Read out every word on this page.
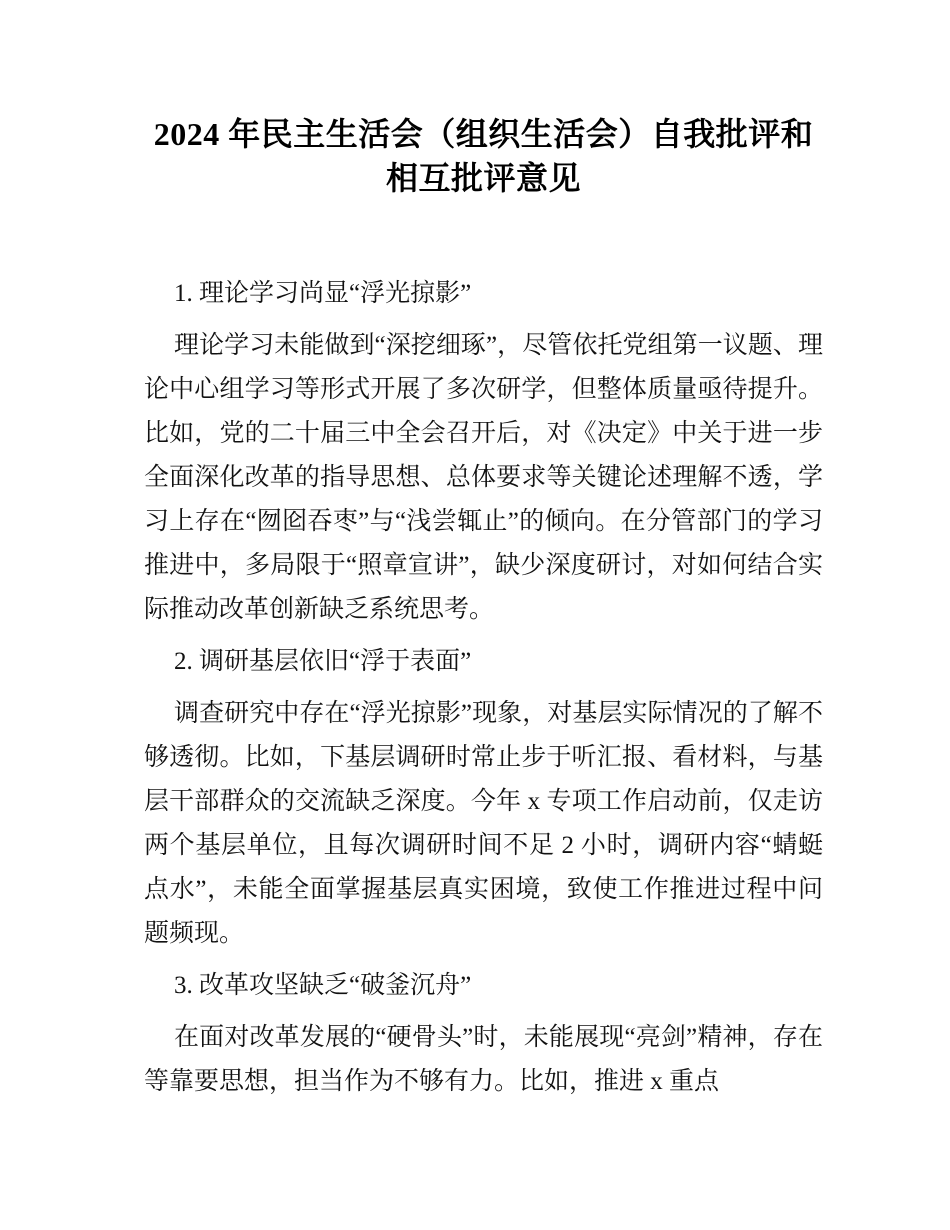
2024 年民主生活会（组织生活会）自我批评和相互批评意见
1. 理论学习尚显“浮光掠影”

理论学习未能做到“深挖细琢”，尽管依托党组第一议题、理论中心组学习等形式开展了多次研学，但整体质量亟待提升。比如，党的二十届三中全会召开后，对《决定》中关于进一步全面深化改革的指导思想、总体要求等关键论述理解不透，学习上存在“囫囵吞枣”与“浅尝辄止”的倾向。在分管部门的学习推进中，多局限于“照章宣讲”，缺少深度研讨，对如何结合实际推动改革创新缺乏系统思考。

2. 调研基层依旧“浮于表面”

调查研究中存在“浮光掠影”现象，对基层实际情况的了解不够透彻。比如，下基层调研时常止步于听汇报、看材料，与基层干部群众的交流缺乏深度。今年 x 专项工作启动前，仅走访两个基层单位，且每次调研时间不足 2 小时，调研内容“蜻蜓点水”，未能全面掌握基层真实困境，致使工作推进过程中问题频现。

3. 改革攻坚缺乏“破釜沉舟”

在面对改革发展的“硬骨头”时，未能展现“亮剑”精神，存在等靠要思想，担当作为不够有力。比如，推进 x 重点
